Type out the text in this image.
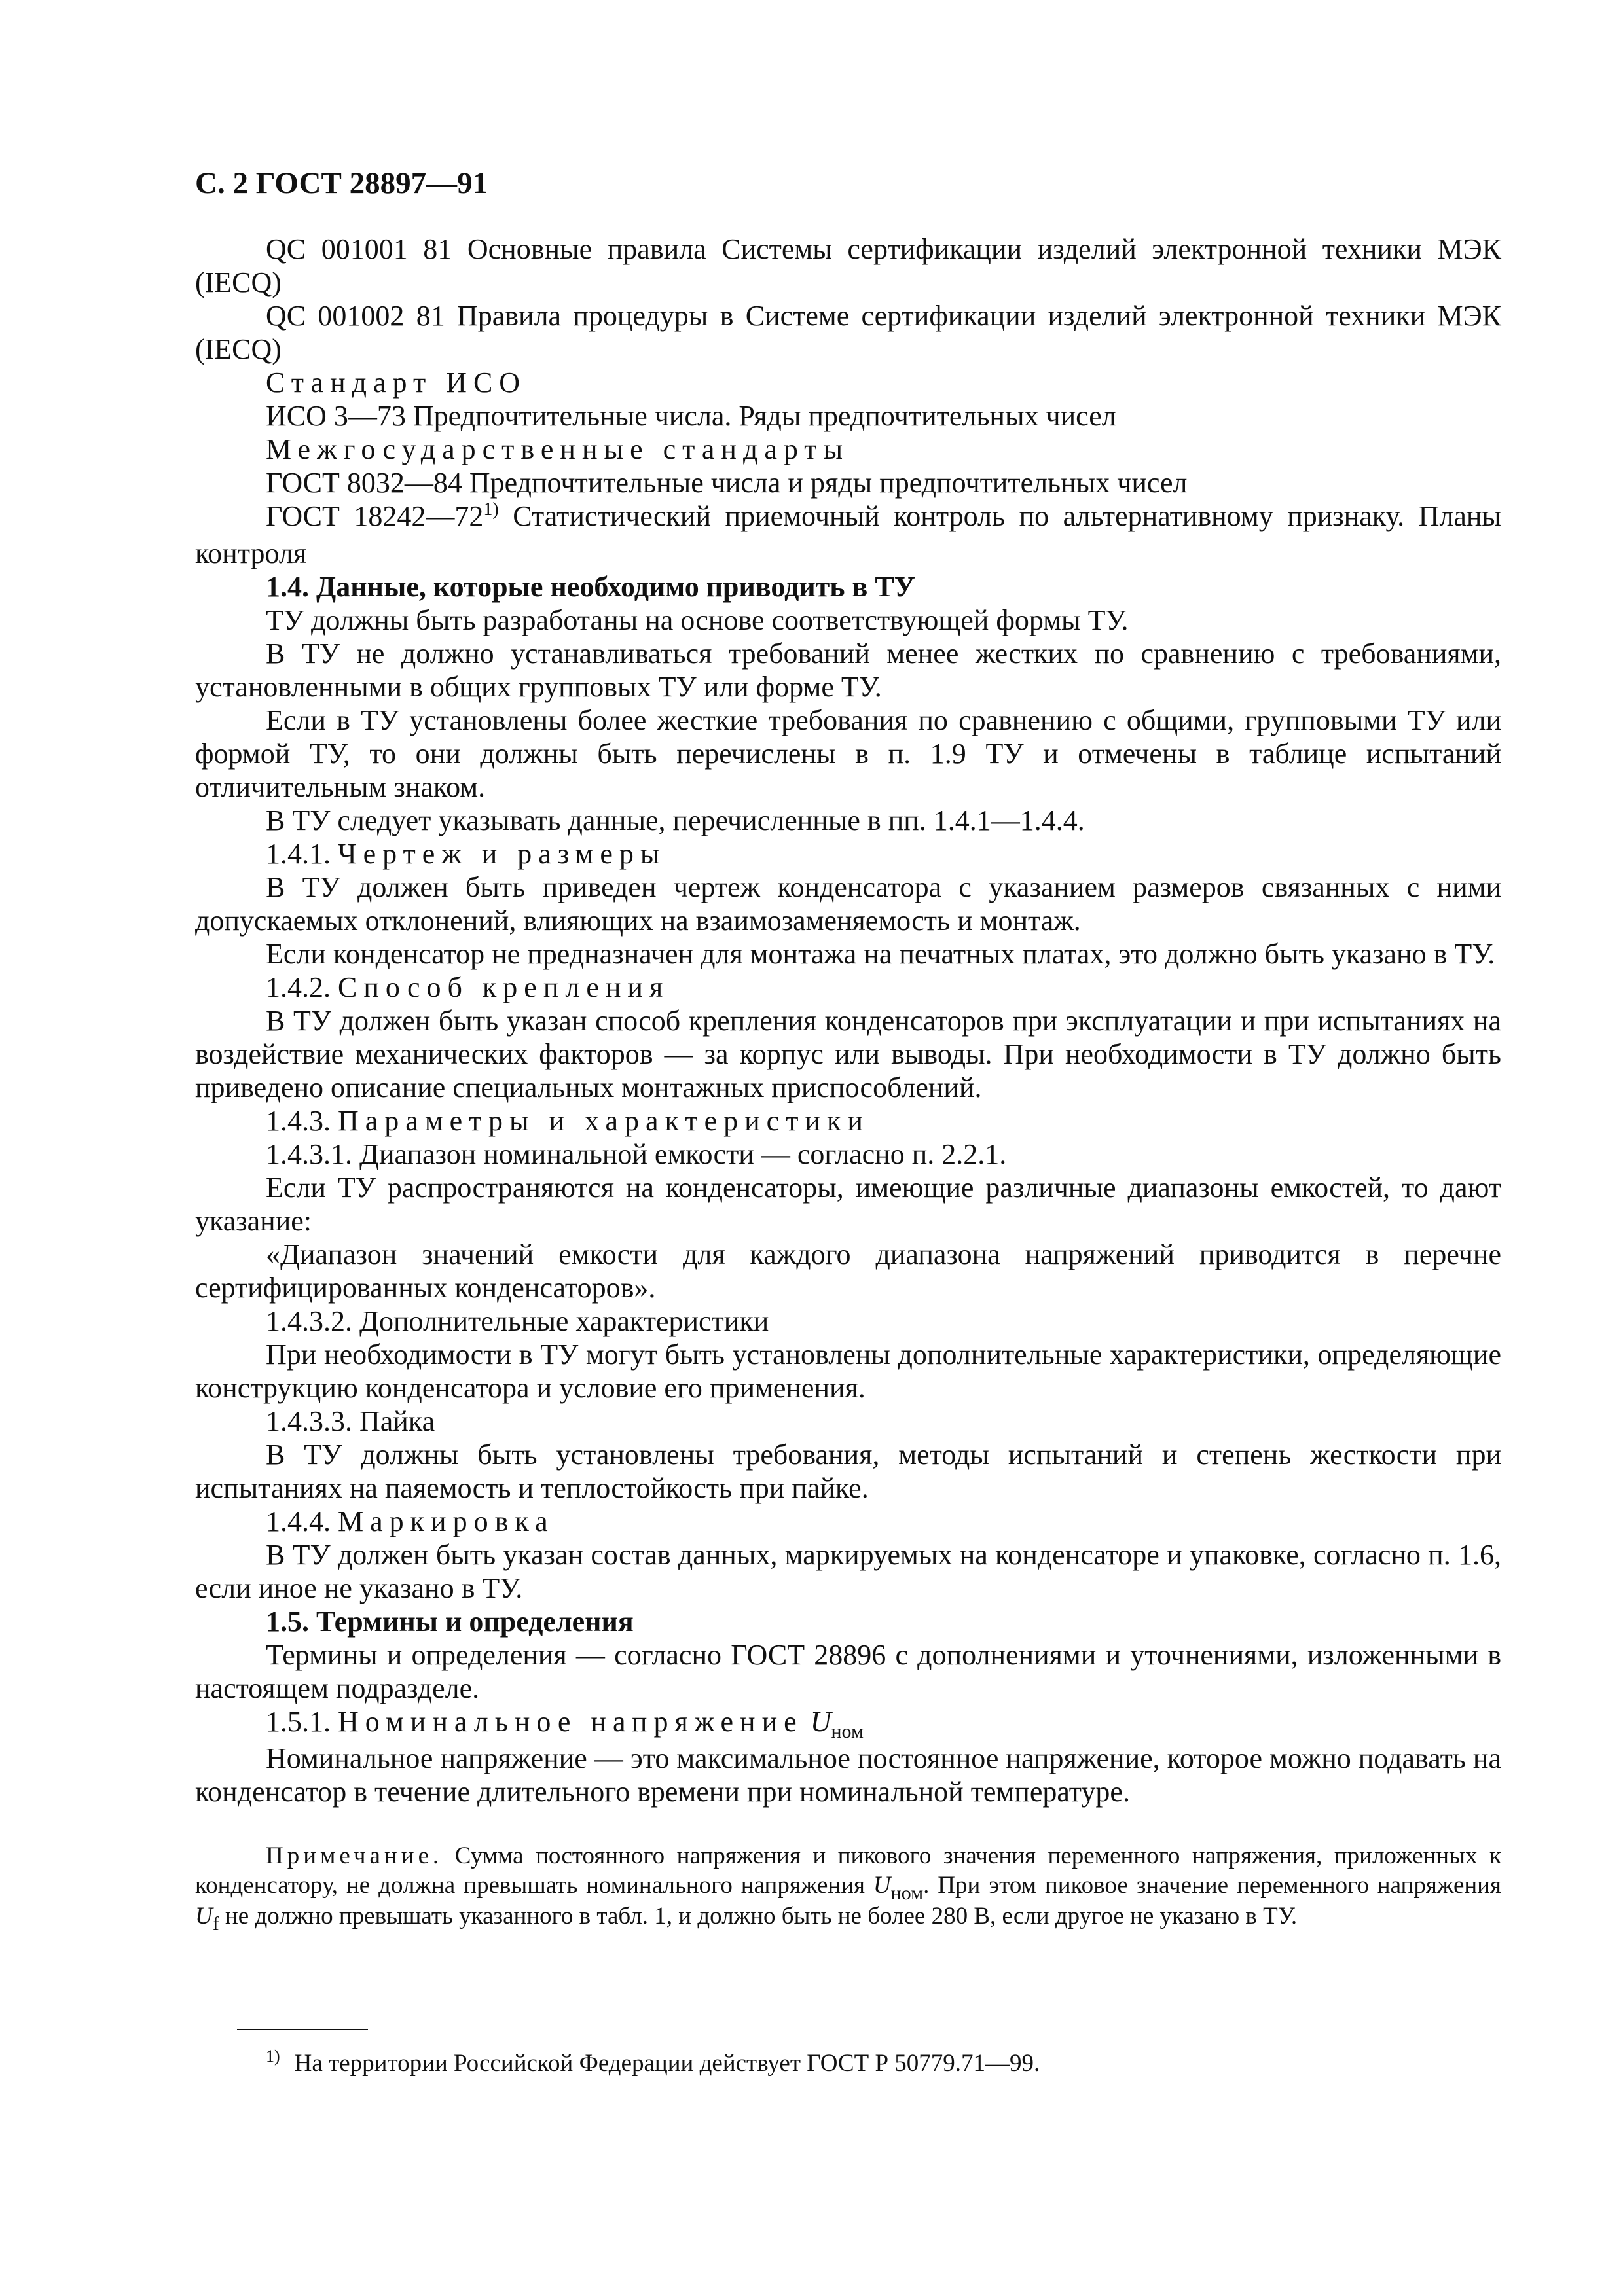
С. 2 ГОСТ 28897—91

QC 001001 81 Основные правила Системы сертификации изделий электронной техники МЭК (IECQ)

QC 001002 81 Правила процедуры в Системе сертификации изделий электронной техники МЭК (IECQ)

Стандарт ИСО

ИСО 3—73 Предпочтительные числа. Ряды предпочтительных чисел

Межгосударственные стандарты

ГОСТ 8032—84 Предпочтительные числа и ряды предпочтительных чисел

ГОСТ 18242—72$^{1)}$ Статистический приемочный контроль по альтернативному признаку. Планы контроля

1.4. Данные, которые необходимо приводить в ТУ

ТУ должны быть разработаны на основе соответствующей формы ТУ.

В ТУ не должно устанавливаться требований менее жестких по сравнению с требованиями, установленными в общих групповых ТУ или форме ТУ.

Если в ТУ установлены более жесткие требования по сравнению с общими, групповыми ТУ или формой ТУ, то они должны быть перечислены в п. 1.9 ТУ и отмечены в таблице испытаний отличительным знаком.

В ТУ следует указывать данные, перечисленные в пп. 1.4.1—1.4.4.

1.4.1. Чертеж и размеры

В ТУ должен быть приведен чертеж конденсатора с указанием размеров связанных с ними допускаемых отклонений, влияющих на взаимозаменяемость и монтаж.

Если конденсатор не предназначен для монтажа на печатных платах, это должно быть указано в ТУ.

1.4.2. Способ крепления

В ТУ должен быть указан способ крепления конденсаторов при эксплуатации и при испытаниях на воздействие механических факторов — за корпус или выводы. При необходимости в ТУ должно быть приведено описание специальных монтажных приспособлений.

1.4.3. Параметры и характеристики

1.4.3.1. Диапазон номинальной емкости — согласно п. 2.2.1.

Если ТУ распространяются на конденсаторы, имеющие различные диапазоны емкостей, то дают указание:

«Диапазон значений емкости для каждого диапазона напряжений приводится в перечне сертифицированных конденсаторов».

1.4.3.2. Дополнительные характеристики

При необходимости в ТУ могут быть установлены дополнительные характеристики, определяющие конструкцию конденсатора и условие его применения.

1.4.3.3. Пайка

В ТУ должны быть установлены требования, методы испытаний и степень жесткости при испытаниях на паяемость и теплостойкость при пайке.

1.4.4. Маркировка

В ТУ должен быть указан состав данных, маркируемых на конденсаторе и упаковке, согласно п. 1.6, если иное не указано в ТУ.

1.5. Термины и определения

Термины и определения — согласно ГОСТ 28896 с дополнениями и уточнениями, изложенными в настоящем подразделе.

1.5.1. Номинальное напряжение $U_{ном}$

Номинальное напряжение — это максимальное постоянное напряжение, которое можно подавать на конденсатор в течение длительного времени при номинальной температуре.

Примечание. Сумма постоянного напряжения и пикового значения переменного напряжения, приложенных к конденсатору, не должна превышать номинального напряжения $U_{ном}$. При этом пиковое значение переменного напряжения $U_f$ не должно превышать указанного в табл. 1, и должно быть не более 280 В, если другое не указано в ТУ.
$^{1)}$ На территории Российской Федерации действует ГОСТ Р 50779.71—99.
